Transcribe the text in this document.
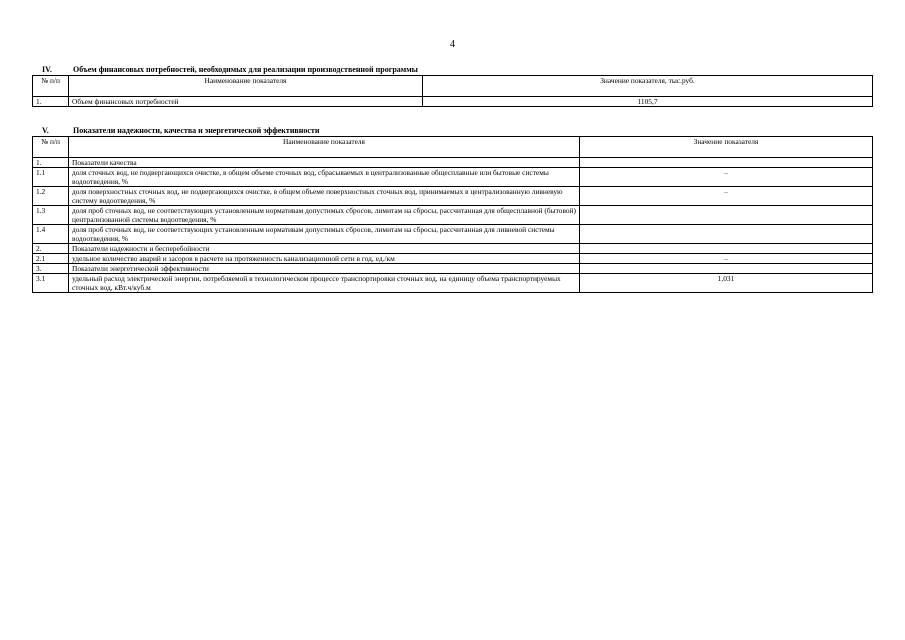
4
IV.	Объем финансовых потребностей, необходимых для реализации производственной программы
№ п/п	Наименование показателя	Значение показателя, тыс.руб.
1.	Объем финансовых потребностей	1105,7
V.	Показатели надежности, качества и энергетической эффективности
№ п/п	Наименование показателя	Значение показателя
1.	Показатели качества	
1.1	доля сточных вод, не подвергающихся очистке, в общем объеме сточных вод, сбрасываемых в централизованные общесплавные или бытовые системы водоотведения, %	–
1.2	доля поверхностных сточных вод, не подвергающихся очистке, в общем объеме поверхностных сточных вод, принимаемых в централизованную ливневую систему водоотведения, %	–
1.3	доля проб сточных вод, не соответствующих установленным нормативам допустимых сбросов, лимитам на сбросы, рассчитанная для общесплавной (бытовой) централизованной системы водоотведения, %	
1.4	доля проб сточных вод, не соответствующих установленным нормативам допустимых сбросов, лимитам на сбросы, рассчитанная для ливневой системы водоотведения, %	
2.	Показатели надежности и бесперебойности	
2.1	удельное количество аварий и засоров в расчете на протяженность канализационной сети в год, ед./км	–
3.	Показатели энергетической эффективности	
3.1	удельный расход электрической энергии, потребляемой в технологическом процессе транспортировки сточных вод, на единицу объема транспортируемых сточных вод, кВт.ч/куб.м	1,031
